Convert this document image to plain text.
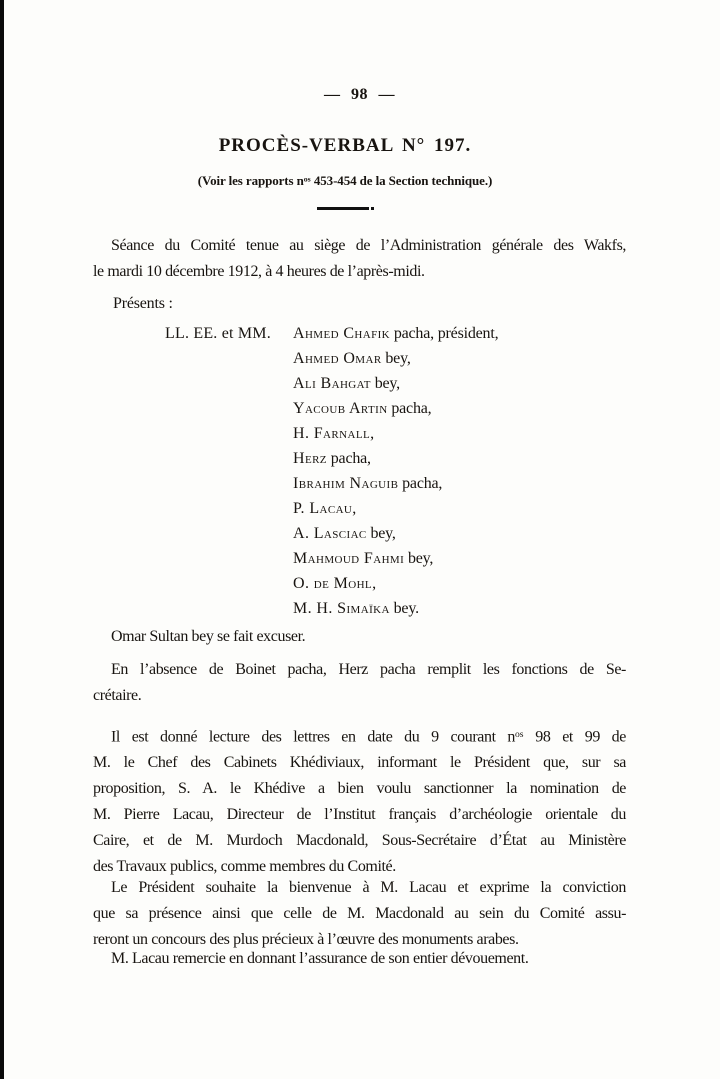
— 98 —
PROCÈS-VERBAL N° 197.
(Voir les rapports $n^{os}$ 453-454 de la Section technique.)
Séance du Comité tenue au siège de l’Administration générale des Wakfs,
le mardi 10 décembre 1912, à 4 heures de l’après-midi.
Présents :
LL. EE. et MM. Ahmed Chafik pacha, président,
Ahmed Omar bey,
Ali Bahgat bey,
Yacoub Artin pacha,
H. Farnall,
Herz pacha,
Ibrahim Naguib pacha,
P. Lacau,
A. Lasciac bey,
Mahmoud Fahmi bey,
O. de Mohl,
M. H. Simaïka bey.
Omar Sultan bey se fait excuser.
En l’absence de Boinet pacha, Herz pacha remplit les fonctions de Se-
crétaire.
Il est donné lecture des lettres en date du 9 courant $n^{os}$ 98 et 99 de
M. le Chef des Cabinets Khédiviaux, informant le Président que, sur sa
proposition, S. A. le Khédive a bien voulu sanctionner la nomination de
M. Pierre Lacau, Directeur de l’Institut français d’archéologie orientale du
Caire, et de M. Murdoch Macdonald, Sous-Secrétaire d’État au Ministère
des Travaux publics, comme membres du Comité.
Le Président souhaite la bienvenue à M. Lacau et exprime la conviction
que sa présence ainsi que celle de M. Macdonald au sein du Comité assu-
reront un concours des plus précieux à l’œuvre des monuments arabes.
M. Lacau remercie en donnant l’assurance de son entier dévouement.
